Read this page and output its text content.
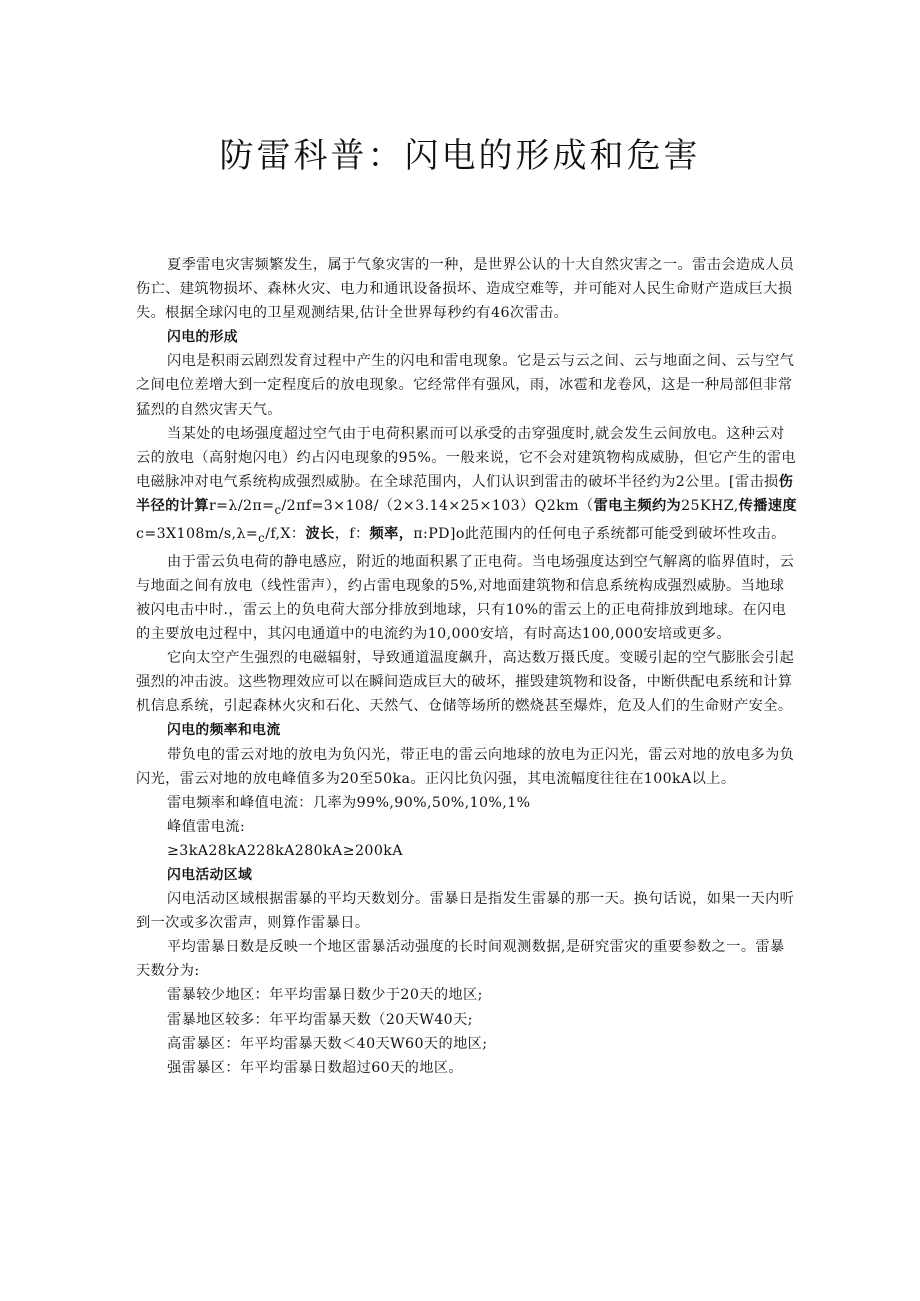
防雷科普：闪电的形成和危害

夏季雷电灾害频繁发生，属于气象灾害的一种，是世界公认的十大自然灾害之一。雷击会造成人员伤亡、建筑物损坏、森林火灾、电力和通讯设备损坏、造成空难等，并可能对人民生命财产造成巨大损失。根据全球闪电的卫星观测结果,估计全世界每秒约有46次雷击。

闪电的形成

闪电是积雨云剧烈发育过程中产生的闪电和雷电现象。它是云与云之间、云与地面之间、云与空气之间电位差增大到一定程度后的放电现象。它经常伴有强风，雨，冰雹和龙卷风，这是一种局部但非常猛烈的自然灾害天气。

当某处的电场强度超过空气由于电荷积累而可以承受的击穿强度时,就会发生云间放电。这种云对云的放电（高射炮闪电）约占闪电现象的95%。一般来说，它不会对建筑物构成威胁，但它产生的雷电电磁脉冲对电气系统构成强烈威胁。在全球范围内，人们认识到雷击的破坏半径约为2公里。[雷击损伤半径的计算$r=\lambda/2\pi=_c/2\pi f=3\times 108/(2\times 3.14\times 25\times 103)Q2km$（雷电主频约为25KHZ,传播速度$c=3X108m/s,\lambda=_c/f,X$：波长，f：频率，π:PD]o此范围内的任何电子系统都可能受到破坏性攻击。

由于雷云负电荷的静电感应，附近的地面积累了正电荷。当电场强度达到空气解离的临界值时，云与地面之间有放电（线性雷声），约占雷电现象的5%,对地面建筑物和信息系统构成强烈威胁。当地球被闪电击中时.，雷云上的负电荷大部分排放到地球，只有10%的雷云上的正电荷排放到地球。在闪电的主要放电过程中，其闪电通道中的电流约为10,000安培，有时高达100,000安培或更多。

它向太空产生强烈的电磁辐射，导致通道温度飙升，高达数万摄氏度。变暖引起的空气膨胀会引起强烈的冲击波。这些物理效应可以在瞬间造成巨大的破坏，摧毁建筑物和设备，中断供配电系统和计算机信息系统，引起森林火灾和石化、天然气、仓储等场所的燃烧甚至爆炸，危及人们的生命财产安全。

闪电的频率和电流

带负电的雷云对地的放电为负闪光，带正电的雷云向地球的放电为正闪光，雷云对地的放电多为负闪光，雷云对地的放电峰值多为20至50ka。正闪比负闪强，其电流幅度往往在100kA以上。

雷电频率和峰值电流：几率为99%,90%,50%,10%,1%

峰值雷电流:

≥3kA28kA228kA280kA≥200kA

闪电活动区域

闪电活动区域根据雷暴的平均天数划分。雷暴日是指发生雷暴的那一天。换句话说，如果一天内听到一次或多次雷声，则算作雷暴日。

平均雷暴日数是反映一个地区雷暴活动强度的长时间观测数据,是研究雷灾的重要参数之一。雷暴天数分为:

雷暴较少地区：年平均雷暴日数少于20天的地区;

雷暴地区较多：年平均雷暴天数（20天W40天;

高雷暴区：年平均雷暴天数＜40天W60天的地区;

强雷暴区：年平均雷暴日数超过60天的地区。
